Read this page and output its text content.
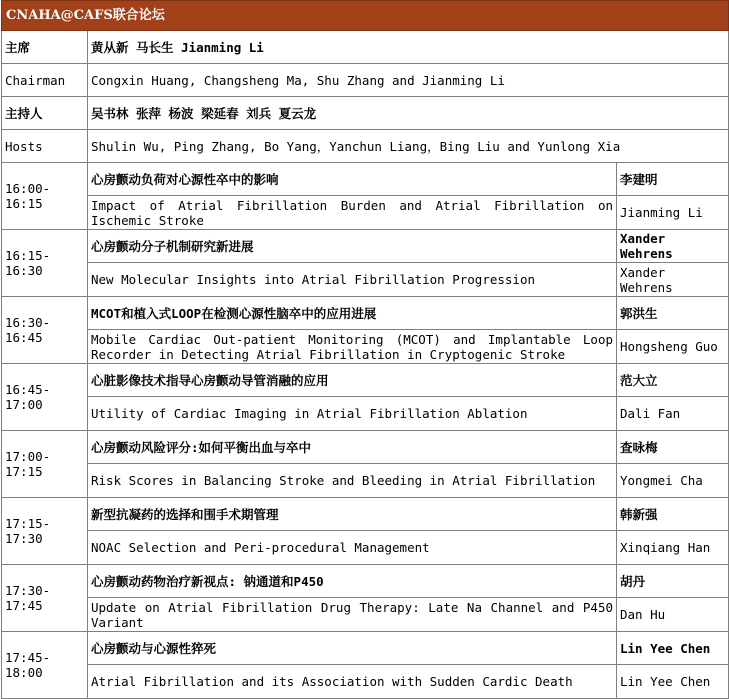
CNAHA@CAFS联合论坛		
主席	黄从新 马长生 Jianming Li	
Chairman	Congxin Huang, Changsheng Ma, Shu Zhang and Jianming Li	
主持人	吴书林 张萍 杨波 梁延春 刘兵 夏云龙	
Hosts	Shulin Wu, Ping Zhang, Bo Yang，Yanchun Liang，Bing Liu and Yunlong Xia	
16:00-
16:15	心房颤动负荷对心源性卒中的影响	李建明
	Impact of Atrial Fibrillation Burden and Atrial Fibrillation on Ischemic Stroke	Jianming Li
16:15-
16:30	心房颤动分子机制研究新进展	Xander Wehrens
	New Molecular Insights into Atrial Fibrillation Progression	Xander Wehrens
16:30-
16:45	MCOT和植入式LOOP在检测心源性脑卒中的应用进展	郭洪生
	Mobile Cardiac Out-patient Monitoring (MCOT) and Implantable Loop Recorder in Detecting Atrial Fibrillation in Cryptogenic Stroke	Hongsheng Guo
16:45-
17:00	心脏影像技术指导心房颤动导管消融的应用	范大立
	Utility of Cardiac Imaging in Atrial Fibrillation Ablation	Dali Fan
17:00-
17:15	心房颤动风险评分:如何平衡出血与卒中	查咏梅
	Risk Scores in Balancing Stroke and Bleeding in Atrial Fibrillation	Yongmei Cha
17:15-
17:30	新型抗凝药的选择和围手术期管理	韩新强
	NOAC Selection and Peri-procedural Management	Xinqiang Han
17:30-
17:45	心房颤动药物治疗新视点: 钠通道和P450	胡丹
	Update on Atrial Fibrillation Drug Therapy: Late Na Channel and P450 Variant	Dan Hu
17:45-
18:00	心房颤动与心源性猝死	Lin Yee Chen
	Atrial Fibrillation and its Association with Sudden Cardic Death	Lin Yee Chen
